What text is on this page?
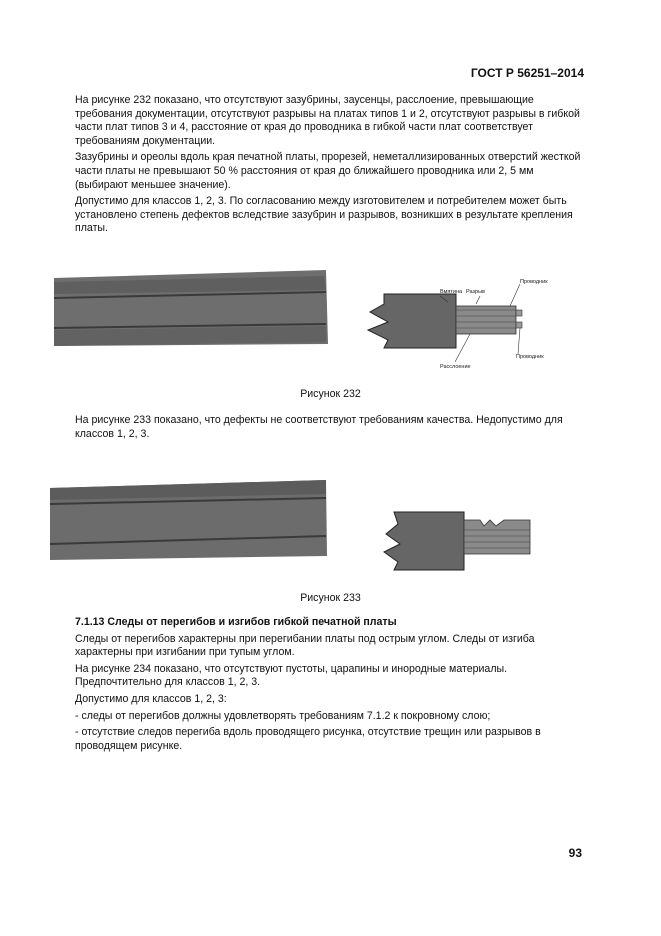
ГОСТ Р 56251–2014

На рисунке 232 показано, что отсутствуют зазубрины, заусенцы, расслоение, превышающие требования документации, отсутствуют разрывы на платах типов 1 и 2, отсутствуют разрывы в гибкой части плат типов 3 и 4, расстояние от края до проводника в гибкой части плат соответствует требованиям документации.

Зазубрины и ореолы вдоль края печатной платы, прорезей, неметаллизированных отверстий жесткой части платы не превышают 50 % расстояния от края до ближайшего проводника или 2, 5 мм (выбирают меньшее значение).

Допустимо для классов 1, 2, 3. По согласованию между изготовителем и потребителем может быть установлено степень дефектов вследствие зазубрин и разрывов, возникших в результате крепления платы.

Вмятина Разрыв
Проводник
Расслоение
Проводник
Рисунок 232

На рисунке 233 показано, что дефекты не соответствуют требованиям качества. Недопустимо для классов 1, 2, 3.

Рисунок 233

7.1.13 Следы от перегибов и изгибов гибкой печатной платы

Следы от перегибов характерны при перегибании платы под острым углом. Следы от изгиба характерны при изгибании при тупым углом.

На рисунке 234 показано, что отсутствуют пустоты, царапины и инородные материалы. Предпочтительно для классов 1, 2, 3.

Допустимо для классов 1, 2, 3:

- следы от перегибов должны удовлетворять требованиям 7.1.2 к покровному слою;

- отсутствие следов перегиба вдоль проводящего рисунка, отсутствие трещин или разрывов в проводящем рисунке.

93
